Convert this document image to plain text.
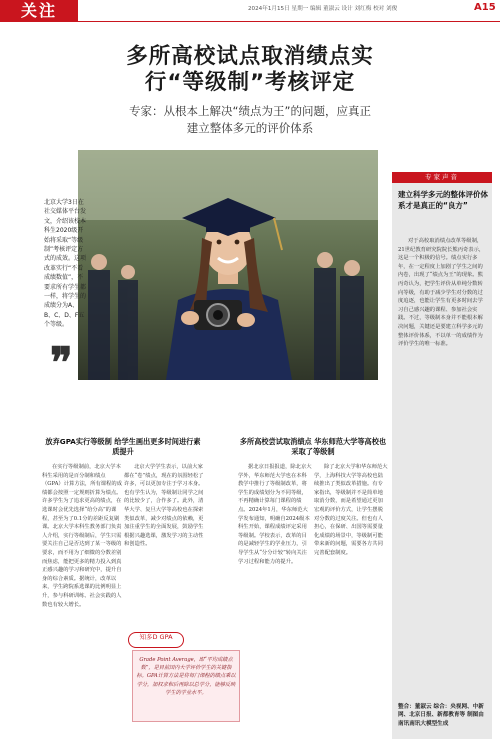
关注	2024年1月15日 星期一 编辑 董淑云 设计 刘红梅 校对 刘俊	A15
多所高校试点取消绩点实行“等级制”考核评定
专家：从根本上解决“绩点为王”的问题，应真正建立整体多元的评价体系
北京大学3日在社交媒体平台发文，介绍该校本科生2020级开始将采取“等级制”考核评定方式的成效。这项改革实行“不看成绩数值”，不要求所有学生都一样，将学生的成绩分为A、B、C、D、F五个等级。
❞
专家声音
建立科学多元的整体评价体系才是真正的“良方”
对于高校取消绩点改革等级制，21世纪教育研究院院长熊丙奇表示，这是一个积极的信号。绩点实行多年，在一定程度上加剧了学生之间的内卷，出现了“绩点为王”的现象。熊丙奇认为，把学生评价从单纯分数转向等级，有助于减少学生对分数的过度追逐，也能让学生有更多时间去学习自己感兴趣的课程、参加社会实践。不过，等级制本身并不能根本解决问题，关键还是要建立科学多元的整体评价体系，不以单一的成绩作为评价学生的唯一标准。
整合：董淑云 综合：央视网、中新网、北京日报、新都教育等 制图由南讯南讯大模型生成
放弃GPA实行等级制 给学生画出更多时间进行素质提升
在实行等级制前，北京大学本科生采用的是百分制和绩点（GPA）计算方法，所有课程的成绩都会按照一定规则折算为绩点。许多学生为了追求更高的绩点，在选课时会优先选择“给分高”的课程，甚至为了0.1分的差距反复刷课。北京大学本科生教务部门负责人介绍，实行等级制后，学生只需要关注自己是否达到了某一等级的要求，而不用为了细微的分数差别而焦虑，能把更多的精力投入到真正感兴趣的学习和研究中，提升自身的综合素质。据统计，改革以来，学生跨院系选课的比例明显上升，参与科研训练、社会实践的人数也有较大增长。
北京大学学生表示，以前大家都在“卷”绩点，现在的氛围轻松了许多，可以更加专注于学习本身。也有学生认为，等级制让同学之间的比较少了，合作多了。此外，清华大学、复旦大学等高校也在探索类似改革，减少对绩点的依赖，更加注重学生的全面发展，鼓励学生根据兴趣选课，激发学习的主动性和创造性。
多所高校尝试取消绩点 华东师范大学等高校也采取了等级制
据北京日报报道，除北京大学外，华东师范大学也在本科教学中推行了等级制改革，将学生的成绩划分为不同等级，不再精确计算每门课程的绩点。2024年1月，华东师范大学发布通知，明确自2024级本科生开始，课程成绩评定采用等级制。学校表示，改革的目的是减轻学生的学业压力，引导学生从“分分计较”转向关注学习过程和能力的提升。
除了北京大学和华东师范大学，上海科技大学等高校也陆续推出了类似改革措施。有专家指出，等级制并不是简单地取消分数，而是希望通过更加宏观的评价方式，让学生摆脱对分数的过度关注。但也有人担心，在保研、出国等需要量化成绩的场景中，等级制可能带来新的问题，需要各方共同完善配套制度。
知多D GPA
Grade Point Average，即“平均成绩点数”，是目前国内大学评价学生的关键指标。GPA计算方法是将每门课程的绩点乘以学分，加权求和后再除以总学分，能够反映学生的学业水平。
